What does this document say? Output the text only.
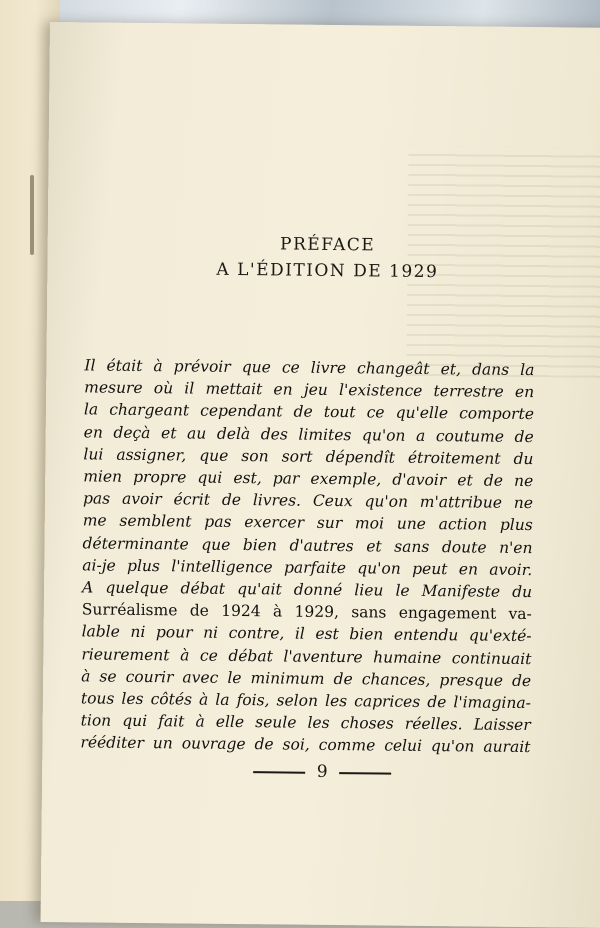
PRÉFACE
A L'ÉDITION DE 1929

Il était à prévoir que ce livre changeât et, dans la
mesure où il mettait en jeu l'existence terrestre en
la chargeant cependant de tout ce qu'elle comporte
en deçà et au delà des limites qu'on a coutume de
lui assigner, que son sort dépendît étroitement du
mien propre qui est, par exemple, d'avoir et de ne
pas avoir écrit de livres. Ceux qu'on m'attribue ne
me semblent pas exercer sur moi une action plus
déterminante que bien d'autres et sans doute n'en
ai-je plus l'intelligence parfaite qu'on peut en avoir.
A quelque débat qu'ait donné lieu le Manifeste du
Surréalisme de 1924 à 1929, sans engagement va-
lable ni pour ni contre, il est bien entendu qu'exté-
rieurement à ce débat l'aventure humaine continuait
à se courir avec le minimum de chances, presque de
tous les côtés à la fois, selon les caprices de l'imagina-
tion qui fait à elle seule les choses réelles. Laisser
rééditer un ouvrage de soi, comme celui qu'on aurait

9
